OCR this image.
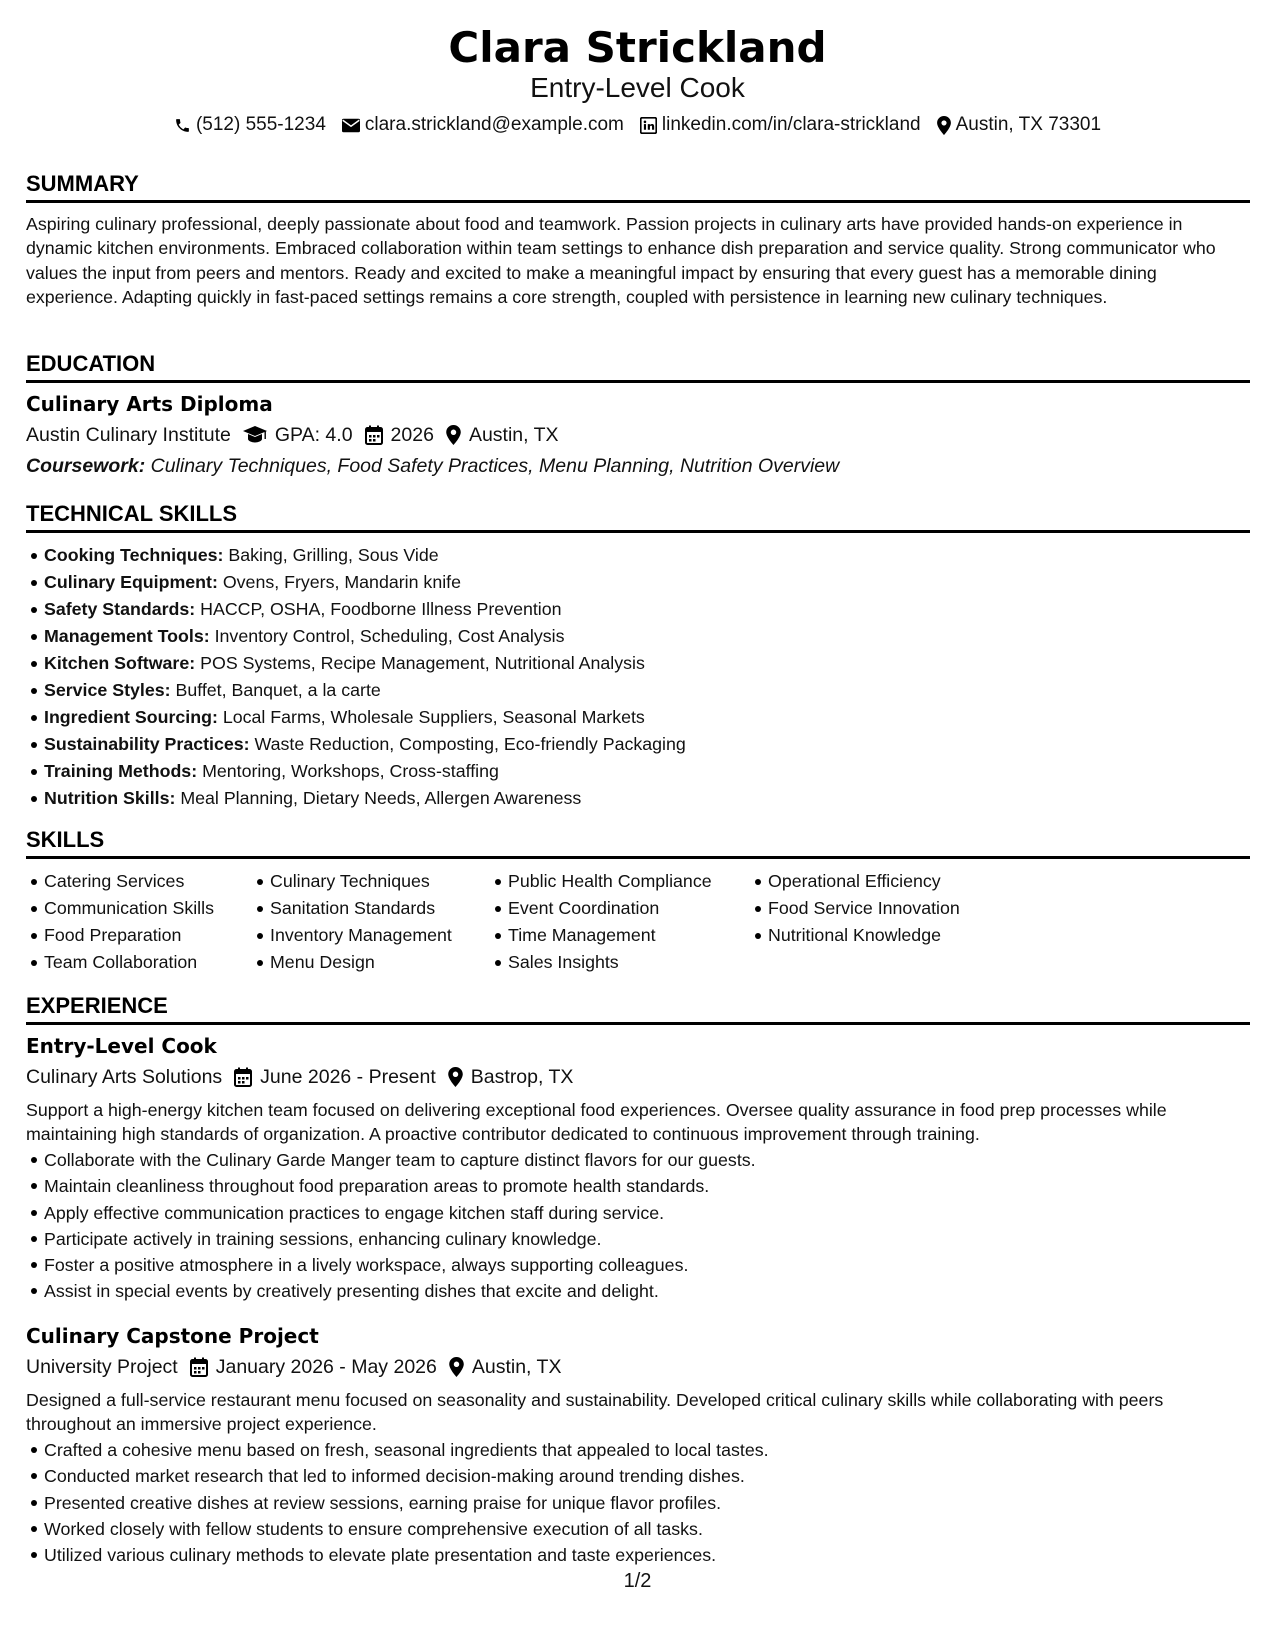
Clara Strickland
Entry-Level Cook
(512) 555-1234 clara.strickland@example.com linkedin.com/in/clara-strickland Austin, TX 73301
SUMMARY
Aspiring culinary professional, deeply passionate about food and teamwork. Passion projects in culinary arts have provided hands-on experience in dynamic kitchen environments. Embraced collaboration within team settings to enhance dish preparation and service quality. Strong communicator who values the input from peers and mentors. Ready and excited to make a meaningful impact by ensuring that every guest has a memorable dining experience. Adapting quickly in fast-paced settings remains a core strength, coupled with persistence in learning new culinary techniques.
EDUCATION
Culinary Arts Diploma
Austin Culinary Institute GPA: 4.0 2026 Austin, TX
Coursework: Culinary Techniques, Food Safety Practices, Menu Planning, Nutrition Overview
TECHNICAL SKILLS
Cooking Techniques: Baking, Grilling, Sous Vide
Culinary Equipment: Ovens, Fryers, Mandarin knife
Safety Standards: HACCP, OSHA, Foodborne Illness Prevention
Management Tools: Inventory Control, Scheduling, Cost Analysis
Kitchen Software: POS Systems, Recipe Management, Nutritional Analysis
Service Styles: Buffet, Banquet, a la carte
Ingredient Sourcing: Local Farms, Wholesale Suppliers, Seasonal Markets
Sustainability Practices: Waste Reduction, Composting, Eco-friendly Packaging
Training Methods: Mentoring, Workshops, Cross-staffing
Nutrition Skills: Meal Planning, Dietary Needs, Allergen Awareness
SKILLS
Catering Services
Communication Skills
Food Preparation
Team Collaboration
Culinary Techniques
Sanitation Standards
Inventory Management
Menu Design
Public Health Compliance
Event Coordination
Time Management
Sales Insights
Operational Efficiency
Food Service Innovation
Nutritional Knowledge
EXPERIENCE
Entry-Level Cook
Culinary Arts Solutions June 2026 - Present Bastrop, TX
Support a high-energy kitchen team focused on delivering exceptional food experiences. Oversee quality assurance in food prep processes while maintaining high standards of organization. A proactive contributor dedicated to continuous improvement through training.
Collaborate with the Culinary Garde Manger team to capture distinct flavors for our guests.
Maintain cleanliness throughout food preparation areas to promote health standards.
Apply effective communication practices to engage kitchen staff during service.
Participate actively in training sessions, enhancing culinary knowledge.
Foster a positive atmosphere in a lively workspace, always supporting colleagues.
Assist in special events by creatively presenting dishes that excite and delight.
Culinary Capstone Project
University Project January 2026 - May 2026 Austin, TX
Designed a full-service restaurant menu focused on seasonality and sustainability. Developed critical culinary skills while collaborating with peers throughout an immersive project experience.
Crafted a cohesive menu based on fresh, seasonal ingredients that appealed to local tastes.
Conducted market research that led to informed decision-making around trending dishes.
Presented creative dishes at review sessions, earning praise for unique flavor profiles.
Worked closely with fellow students to ensure comprehensive execution of all tasks.
Utilized various culinary methods to elevate plate presentation and taste experiences.
1/2
